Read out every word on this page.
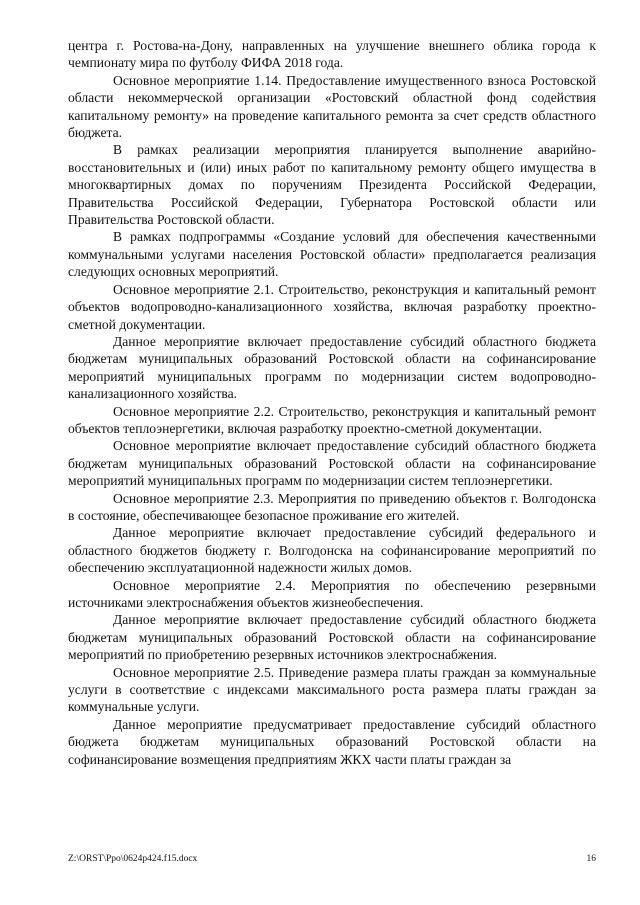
центра г. Ростова-на-Дону, направленных на улучшение внешнего облика города к чемпионату мира по футболу ФИФА 2018 года.

Основное мероприятие 1.14. Предоставление имущественного взноса Ростовской области некоммерческой организации «Ростовский областной фонд содействия капитальному ремонту» на проведение капитального ремонта за счет средств областного бюджета.

В рамках реализации мероприятия планируется выполнение аварийно-восстановительных и (или) иных работ по капитальному ремонту общего имущества в многоквартирных домах по поручениям Президента Российской Федерации, Правительства Российской Федерации, Губернатора Ростовской области или Правительства Ростовской области.

В рамках подпрограммы «Создание условий для обеспечения качественными коммунальными услугами населения Ростовской области» предполагается реализация следующих основных мероприятий.

Основное мероприятие 2.1. Строительство, реконструкция и капитальный ремонт объектов водопроводно-канализационного хозяйства, включая разработку проектно-сметной документации.

Данное мероприятие включает предоставление субсидий областного бюджета бюджетам муниципальных образований Ростовской области на софинансирование мероприятий муниципальных программ по модернизации систем водопроводно-канализационного хозяйства.

Основное мероприятие 2.2. Строительство, реконструкция и капитальный ремонт объектов теплоэнергетики, включая разработку проектно-сметной документации.

Основное мероприятие включает предоставление субсидий областного бюджета бюджетам муниципальных образований Ростовской области на софинансирование мероприятий муниципальных программ по модернизации систем теплоэнергетики.

Основное мероприятие 2.3. Мероприятия по приведению объектов г. Волгодонска в состояние, обеспечивающее безопасное проживание его жителей.

Данное мероприятие включает предоставление субсидий федерального и областного бюджетов бюджету г. Волгодонска на софинансирование мероприятий по обеспечению эксплуатационной надежности жилых домов.

Основное мероприятие 2.4. Мероприятия по обеспечению резервными источниками электроснабжения объектов жизнеобеспечения.

Данное мероприятие включает предоставление субсидий областного бюджета бюджетам муниципальных образований Ростовской области на софинансирование мероприятий по приобретению резервных источников электроснабжения.

Основное мероприятие 2.5. Приведение размера платы граждан за коммунальные услуги в соответствие с индексами максимального роста размера платы граждан за коммунальные услуги.

Данное мероприятие предусматривает предоставление субсидий областного бюджета бюджетам муниципальных образований Ростовской области на софинансирование возмещения предприятиям ЖКХ части платы граждан за

Z:\ORST\Ppo\0624p424.f15.docx	16
